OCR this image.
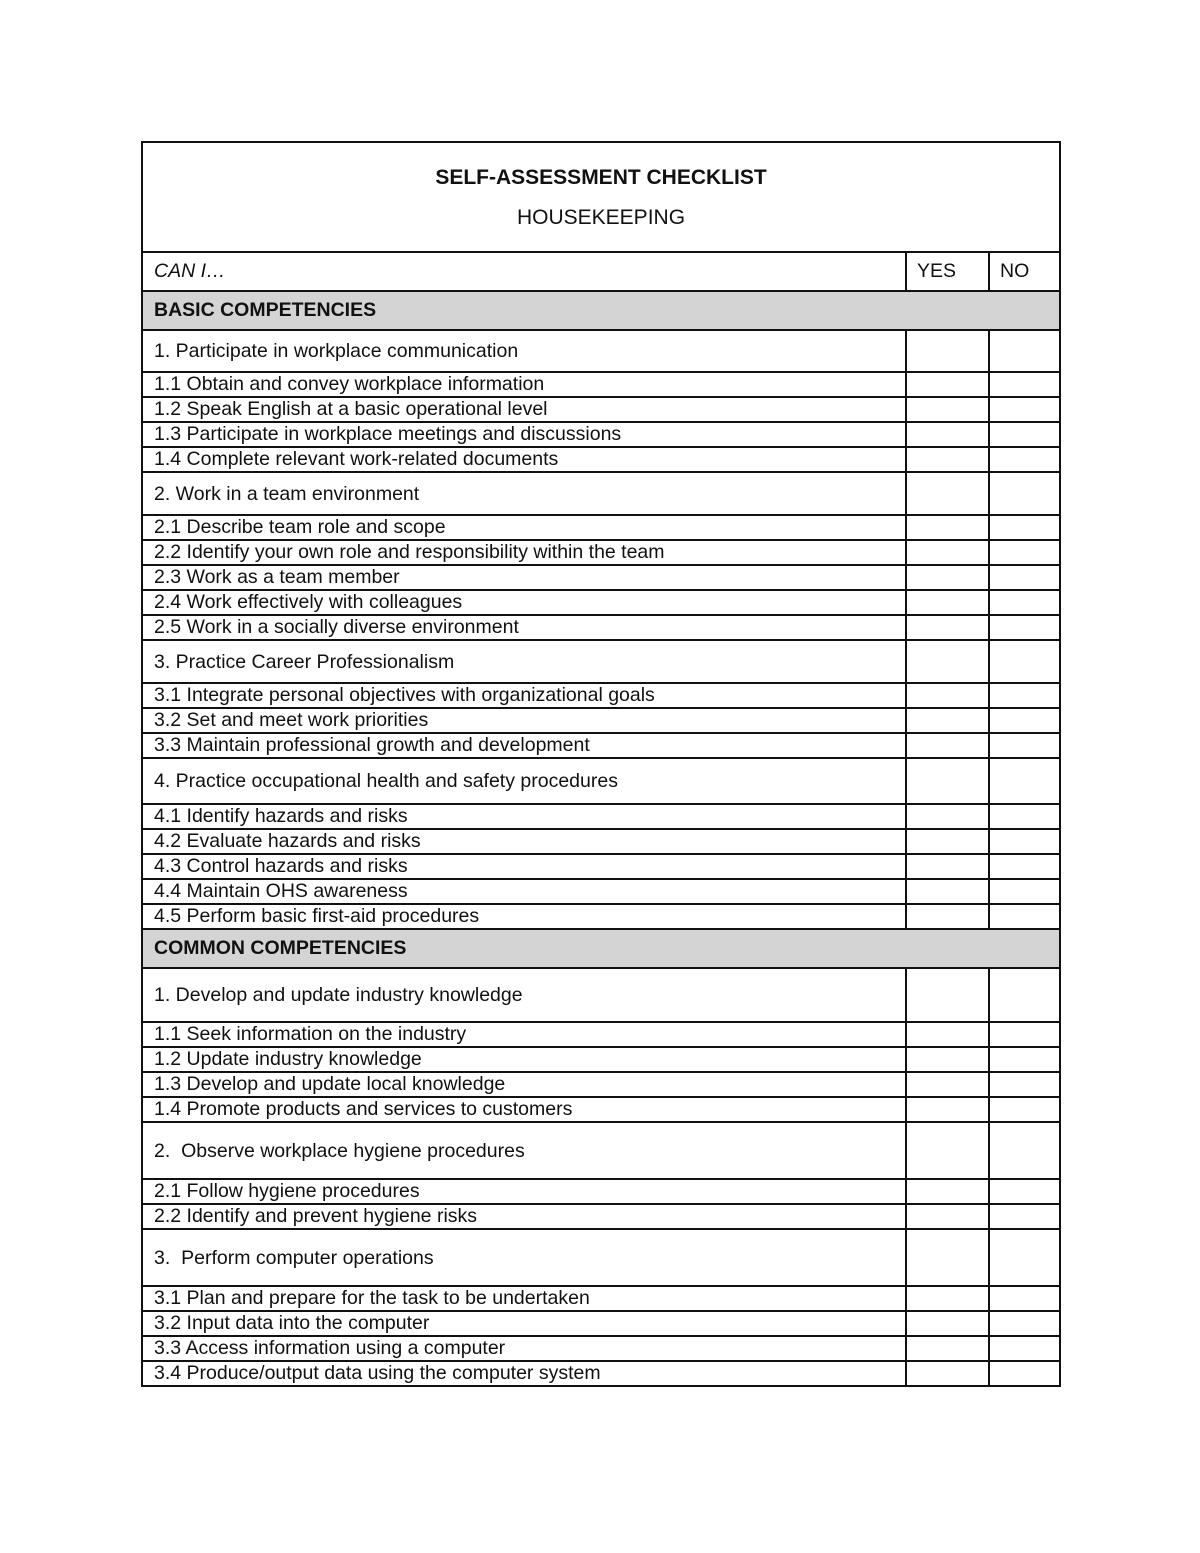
SELF-ASSESSMENT CHECKLIST
HOUSEKEEPING		

CAN I…	YES	NO
BASIC COMPETENCIES		
1. Participate in workplace communication		
1.1 Obtain and convey workplace information		
1.2 Speak English at a basic operational level		
1.3 Participate in workplace meetings and discussions		
1.4 Complete relevant work-related documents		
2. Work in a team environment		
2.1 Describe team role and scope		
2.2 Identify your own role and responsibility within the team		
2.3 Work as a team member		
2.4 Work effectively with colleagues		
2.5 Work in a socially diverse environment		
3. Practice Career Professionalism		
3.1 Integrate personal objectives with organizational goals		
3.2 Set and meet work priorities		
3.3 Maintain professional growth and development		
4. Practice occupational health and safety procedures		
4.1 Identify hazards and risks		
4.2 Evaluate hazards and risks		
4.3 Control hazards and risks		
4.4 Maintain OHS awareness		
4.5 Perform basic first-aid procedures		
COMMON COMPETENCIES		
1. Develop and update industry knowledge		
1.1 Seek information on the industry		
1.2 Update industry knowledge		
1.3 Develop and update local knowledge		
1.4 Promote products and services to customers		
2.  Observe workplace hygiene procedures		
2.1 Follow hygiene procedures		
2.2 Identify and prevent hygiene risks		
3.  Perform computer operations		
3.1 Plan and prepare for the task to be undertaken		
3.2 Input data into the computer		
3.3 Access information using a computer		
3.4 Produce/output data using the computer system		
